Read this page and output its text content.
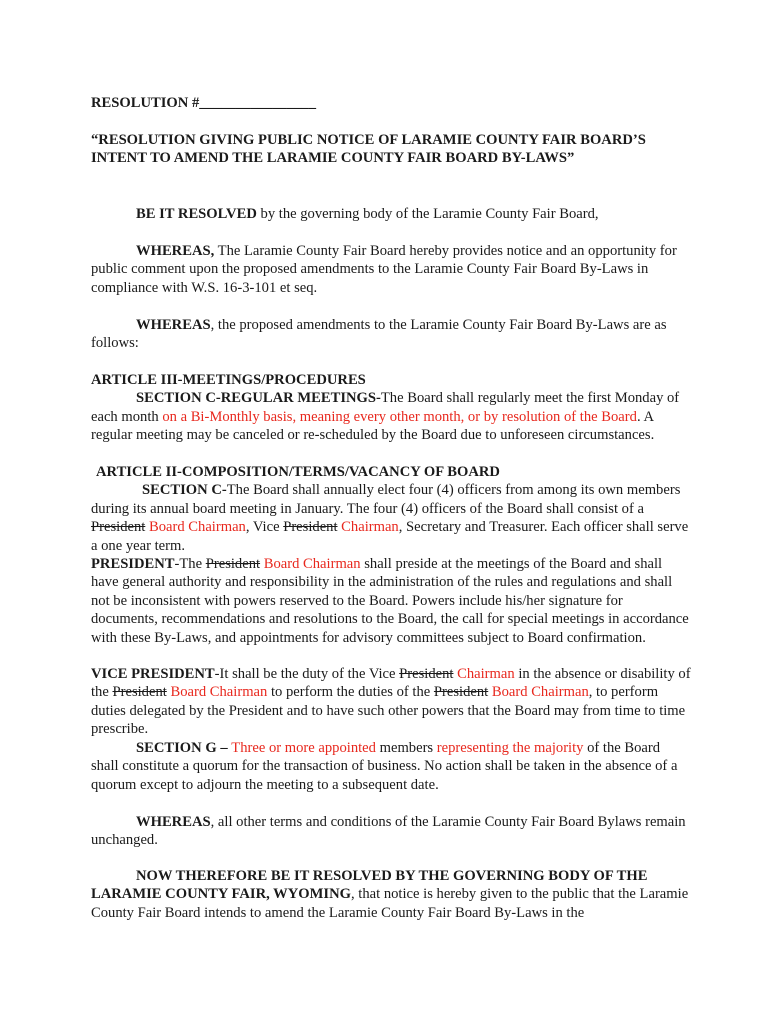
RESOLUTION #________________

“RESOLUTION GIVING PUBLIC NOTICE OF LARAMIE COUNTY FAIR BOARD’S
INTENT TO AMEND THE LARAMIE COUNTY FAIR BOARD BY-LAWS”

BE IT RESOLVED by the governing body of the Laramie County Fair Board,

WHEREAS, The Laramie County Fair Board hereby provides notice and an opportunity for public comment upon the proposed amendments to the Laramie County Fair Board By-Laws in compliance with W.S. 16-3-101 et seq.

WHEREAS, the proposed amendments to the Laramie County Fair Board By-Laws are as follows:

ARTICLE III-MEETINGS/PROCEDURES
SECTION C-REGULAR MEETINGS-The Board shall regularly meet the first Monday of each month on a Bi-Monthly basis, meaning every other month, or by resolution of the Board. A regular meeting may be canceled or re-scheduled by the Board due to unforeseen circumstances.

ARTICLE II-COMPOSITION/TERMS/VACANCY OF BOARD
SECTION C-The Board shall annually elect four (4) officers from among its own members during its annual board meeting in January. The four (4) officers of the Board shall consist of a President Board Chairman, Vice President Chairman, Secretary and Treasurer. Each officer shall serve a one year term.

PRESIDENT-The President Board Chairman shall preside at the meetings of the Board and shall have general authority and responsibility in the administration of the rules and regulations and shall not be inconsistent with powers reserved to the Board. Powers include his/her signature for documents, recommendations and resolutions to the Board, the call for special meetings in accordance with these By-Laws, and appointments for advisory committees subject to Board confirmation.

VICE PRESIDENT-It shall be the duty of the Vice President Chairman in the absence or disability of the President Board Chairman to perform the duties of the President Board Chairman, to perform duties delegated by the President and to have such other powers that the Board may from time to time prescribe.

SECTION G – Three or more appointed members representing the majority of the Board shall constitute a quorum for the transaction of business. No action shall be taken in the absence of a quorum except to adjourn the meeting to a subsequent date.

WHEREAS, all other terms and conditions of the Laramie County Fair Board Bylaws remain unchanged.

NOW THEREFORE BE IT RESOLVED BY THE GOVERNING BODY OF THE LARAMIE COUNTY FAIR, WYOMING, that notice is hereby given to the public that the Laramie County Fair Board intends to amend the Laramie County Fair Board By-Laws in the
